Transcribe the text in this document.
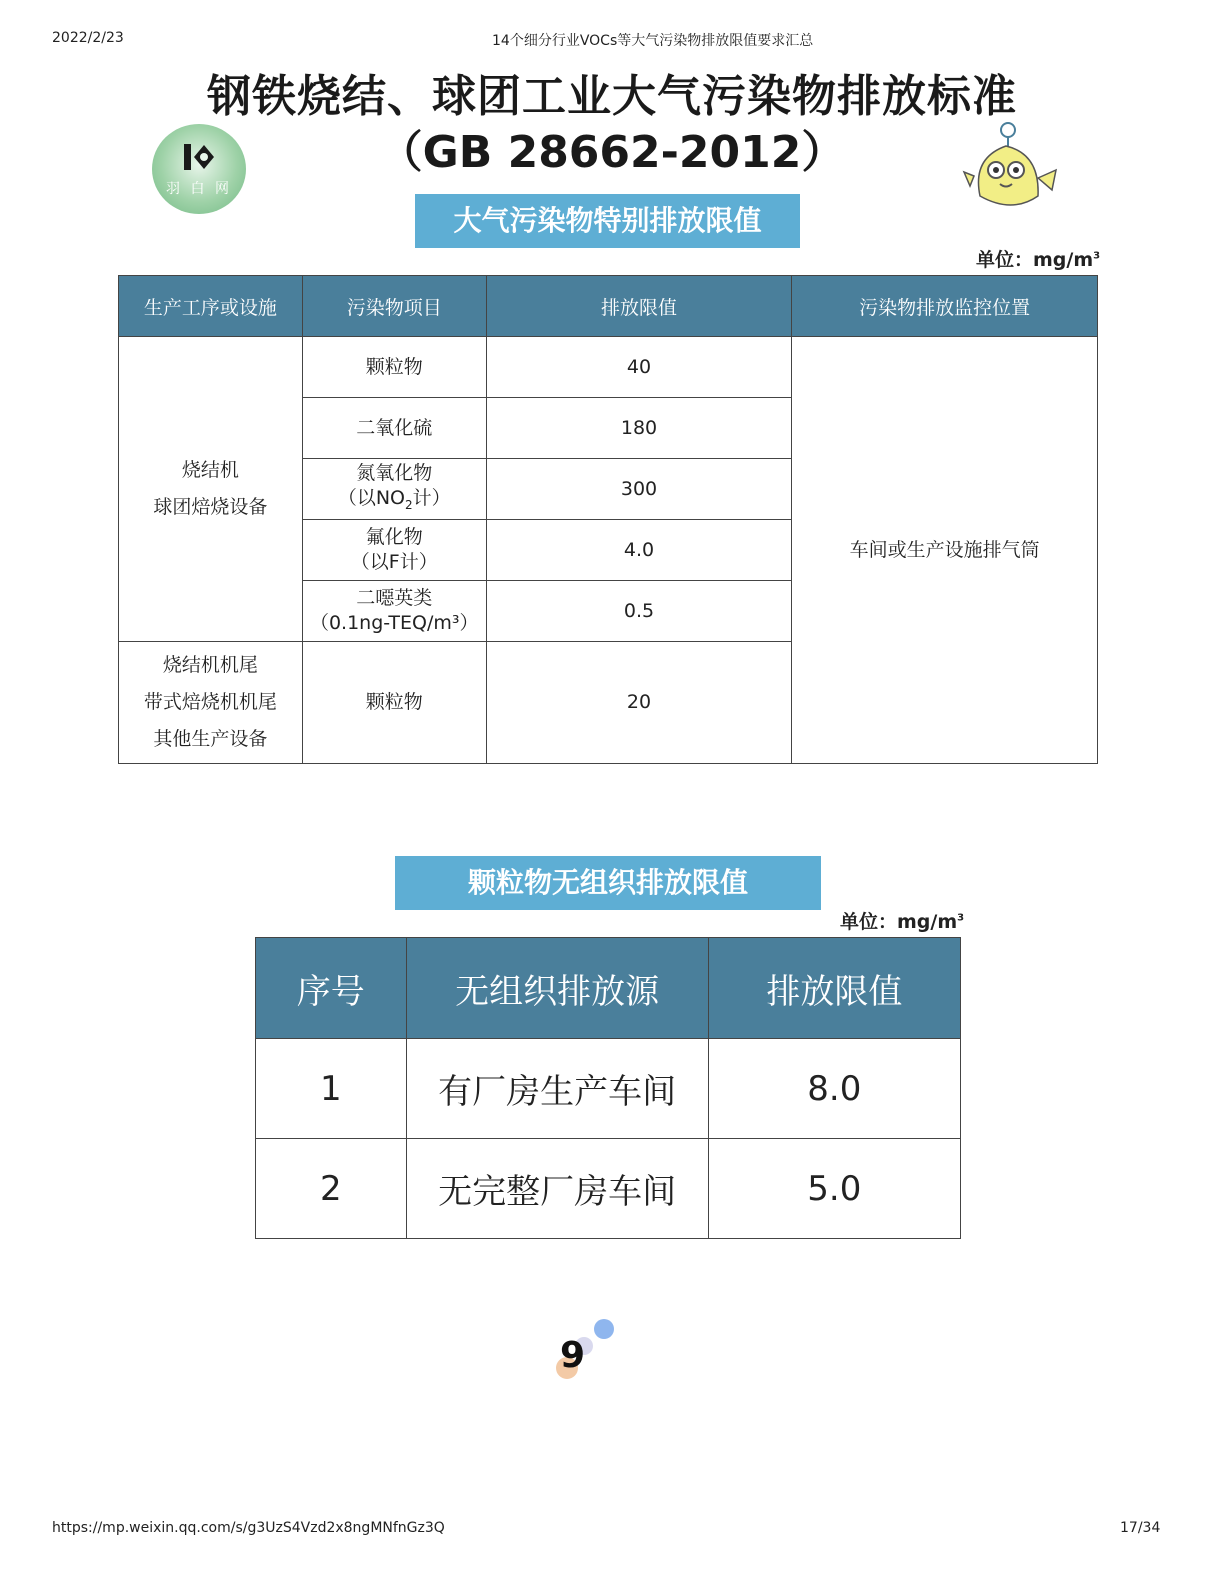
2022/2/23	14个细分行业VOCs等大气污染物排放限值要求汇总
钢铁烧结、球团工业大气污染物排放标准
（GB 28662-2012）
羽 白 网
大气污染物特别排放限值
单位：$mg/m^3$
生产工序或设施	污染物项目	排放限值	污染物排放监控位置

烧结机
球团焙烧设备	颗粒物	40	车间或生产设施排气筒
	二氧化硫	180	

	氮氧化物
（以$NO_2$计）	300	

	氟化物
（以F计）	4.0	

	二噁英类
（0.1ng-TEQ/m³）	0.5	

烧结机机尾
带式焙烧机机尾
其他生产设备	颗粒物	20	
颗粒物无组织排放限值
单位：$mg/m^3$
序号	无组织排放源	排放限值
1	有厂房生产车间	8.0
2	无完整厂房车间	5.0
9
https://mp.weixin.qq.com/s/g3UzS4Vzd2x8ngMNfnGz3Q	17/34
